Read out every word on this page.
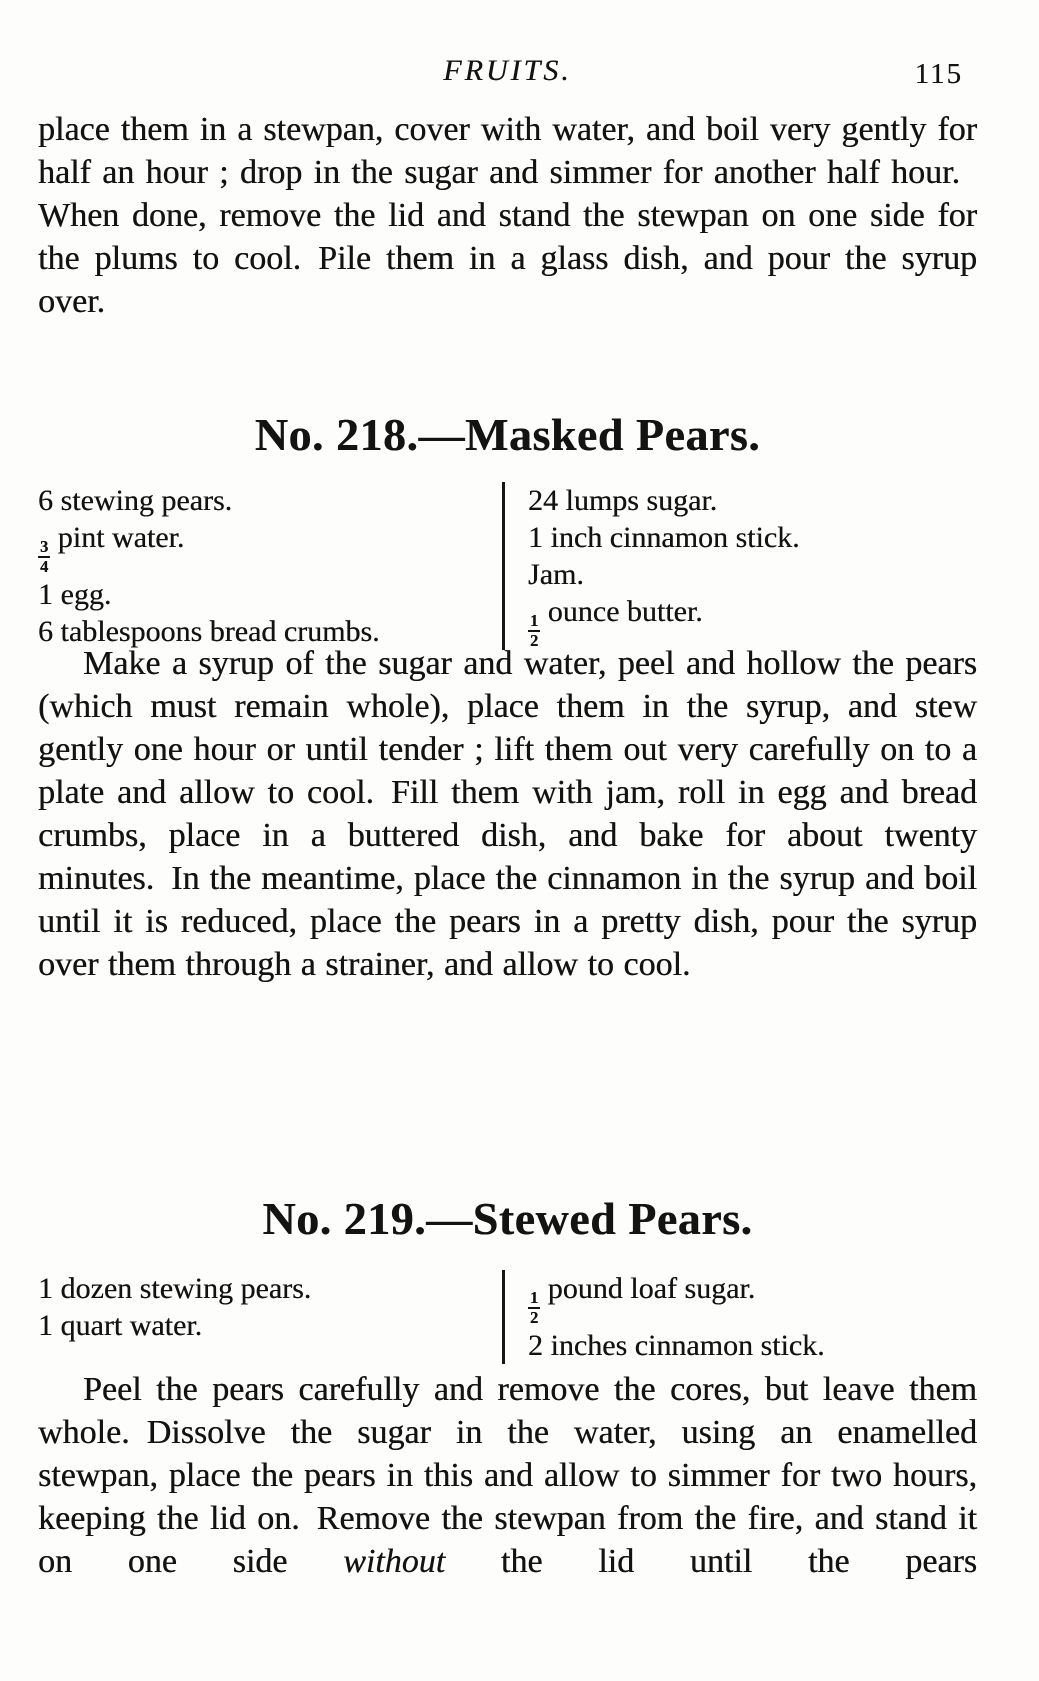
FRUITS.	115

place them in a stewpan, cover with water, and boil very gently for half an hour ; drop in the sugar and simmer for another half hour. When done, remove the lid and stand the stewpan on one side for the plums to cool. Pile them in a glass dish, and pour the syrup over.

No. 218.—Masked Pears.
6 stewing pears.
$\frac{3}{4}$
pint water.
1 egg.
6 tablespoons bread crumbs.
24 lumps sugar.
1 inch cinnamon stick.
Jam.
$\frac{1}{2}$
ounce butter.

Make a syrup of the sugar and water, peel and hollow the pears (which must remain whole), place them in the syrup, and stew gently one hour or until tender ; lift them out very carefully on to a plate and allow to cool. Fill them with jam, roll in egg and bread crumbs, place in a buttered dish, and bake for about twenty minutes. In the meantime, place the cinnamon in the syrup and boil until it is reduced, place the pears in a pretty dish, pour the syrup over them through a strainer, and allow to cool.

No. 219.—Stewed Pears.
1 dozen stewing pears.
1 quart water.	$\frac{1}{2}$
pound loaf sugar.
2 inches cinnamon stick.

Peel the pears carefully and remove the cores, but leave them whole. Dissolve the sugar in the water, using an enamelled stewpan, place the pears in this and allow to simmer for two hours, keeping the lid on. Remove the stewpan from the fire, and stand it on one side without the lid until the pears
